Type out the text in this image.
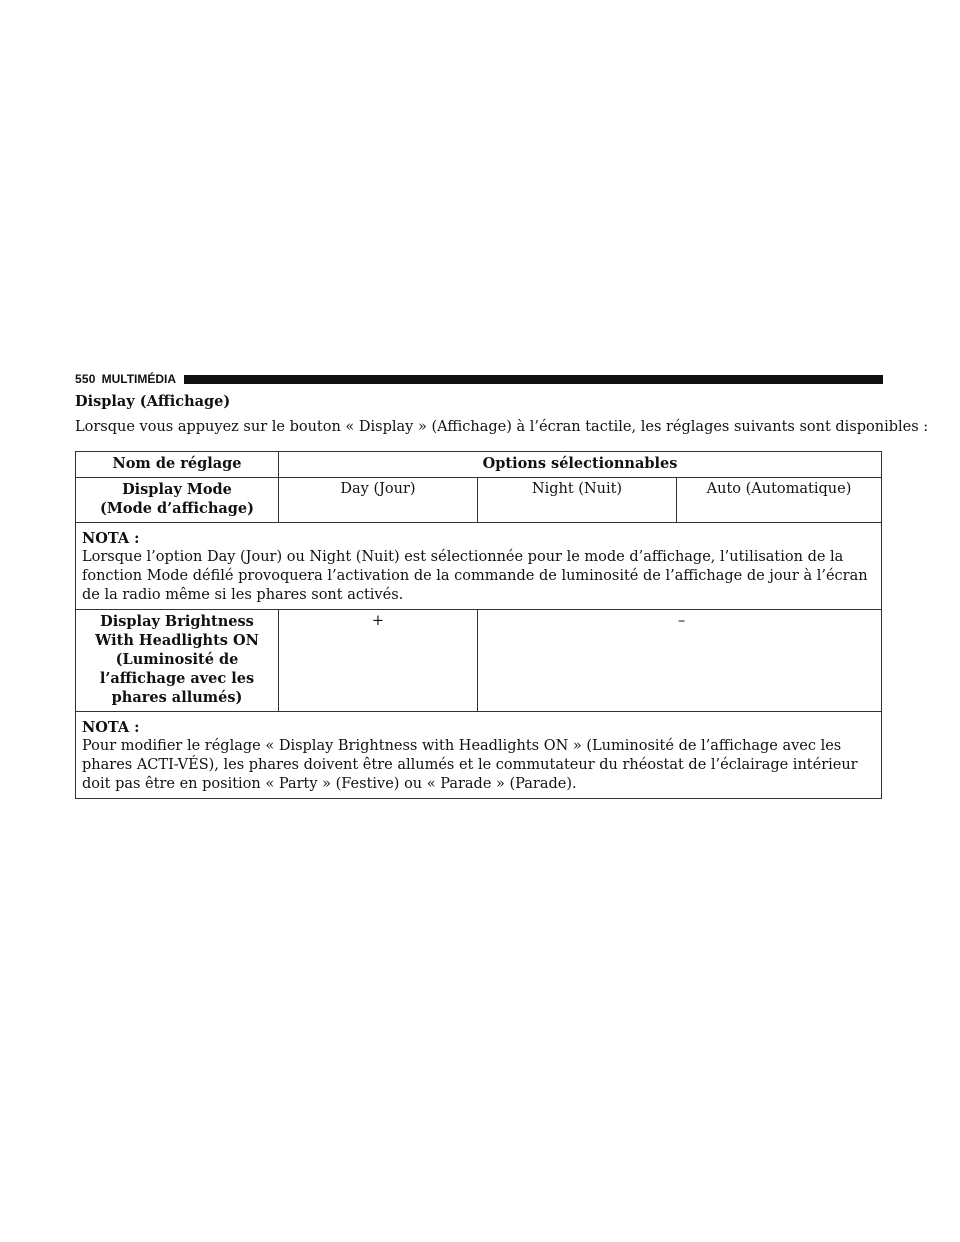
550 MULTIMÉDIA
Display (Affichage)
Lorsque vous appuyez sur le bouton « Display » (Affichage) à l’écran tactile, les réglages suivants sont disponibles :
Nom de réglage	Options sélectionnables		
Display Mode
(Mode d’affichage)	Day (Jour)	Night (Nuit)	Auto (Automatique)

NOTA :
Lorsque l’option Day (Jour) ou Night (Nuit) est sélectionnée pour le mode d’affichage, l’utilisation de la fonction Mode défilé provoquera l’activation de la commande de luminosité de l’affichage de jour à l’écran de la radio même si les phares sont activés.			
Display Brightness With Headlights ON
(Luminosité de l’affichage avec les phares allumés)	+	–	

NOTA :
Pour modifier le réglage « Display Brightness with Headlights ON » (Luminosité de l’affichage avec les phares ACTI-VÉS), les phares doivent être allumés et le commutateur du rhéostat de l’éclairage intérieur doit pas être en position « Party » (Festive) ou « Parade » (Parade).			
